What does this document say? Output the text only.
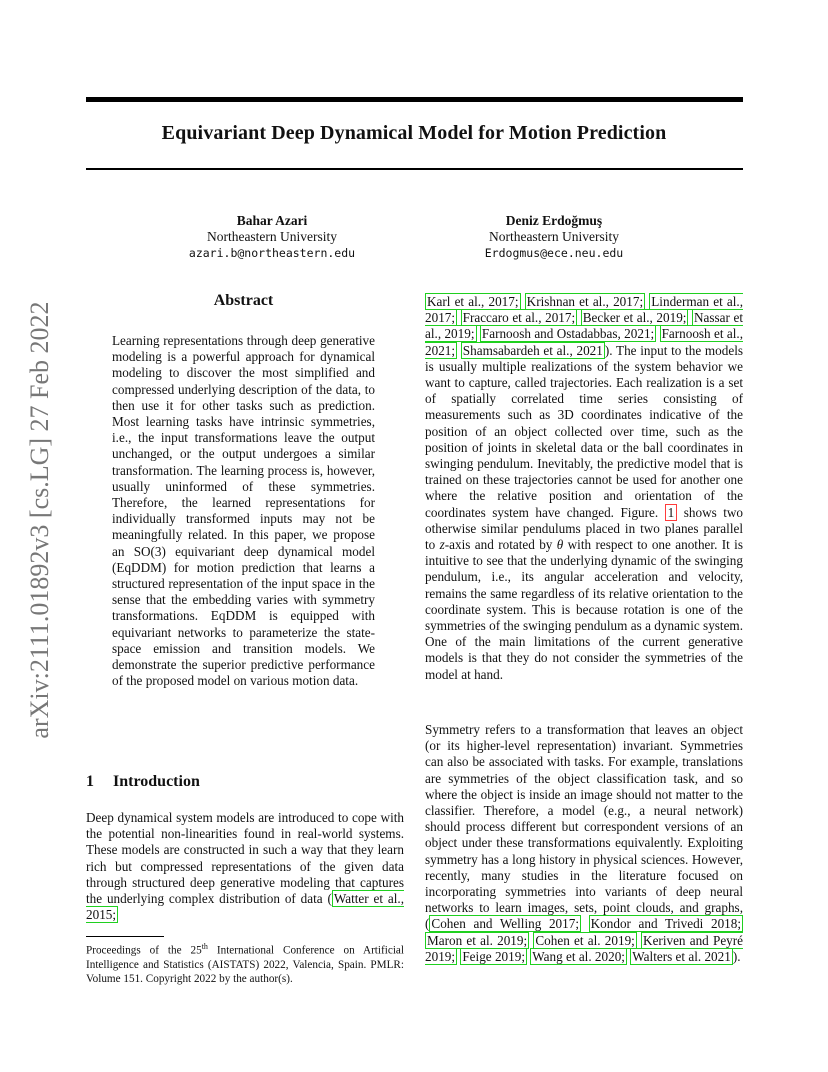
arXiv:2111.01892v3 [cs.LG] 27 Feb 2022
Equivariant Deep Dynamical Model for Motion Prediction
Bahar Azari
Northeastern University
azari.b@northeastern.edu
Deniz Erdoğmuş
Northeastern University
Erdogmus@ece.neu.edu
Abstract

Learning representations through deep generative modeling is a powerful approach for dynamical modeling to discover the most simplified and compressed underlying description of the data, to then use it for other tasks such as prediction. Most learning tasks have intrinsic symmetries, i.e., the input transformations leave the output unchanged, or the output undergoes a similar transformation. The learning process is, however, usually uninformed of these symmetries. Therefore, the learned representations for individually transformed inputs may not be meaningfully related. In this paper, we propose an SO(3) equivariant deep dynamical model (EqDDM) for motion prediction that learns a structured representation of the input space in the sense that the embedding varies with symmetry transformations. EqDDM is equipped with equivariant networks to parameterize the state-space emission and transition models. We demonstrate the superior predictive performance of the proposed model on various motion data.

1 Introduction

Deep dynamical system models are introduced to cope with the potential non-linearities found in real-world systems. These models are constructed in such a way that they learn rich but compressed representations of the given data through structured deep generative modeling that captures the underlying complex distribution of data ( Watter et al., 2015;

Proceedings of the 25th International Conference on Artificial Intelligence and Statistics (AISTATS) 2022, Valencia, Spain. PMLR: Volume 151. Copyright 2022 by the author(s).

Karl et al., 2017; Krishnan et al., 2017; Linderman et al., 2017; Fraccaro et al., 2017; Becker et al., 2019; Nassar et al., 2019; Farnoosh and Ostadabbas, 2021; Farnoosh et al., 2021; Shamsabardeh et al., 2021 ). The input to the models is usually multiple realizations of the system behavior we want to capture, called trajectories. Each realization is a set of spatially correlated time series consisting of measurements such as 3D coordinates indicative of the position of an object collected over time, such as the position of joints in skeletal data or the ball coordinates in swinging pendulum. Inevitably, the predictive model that is trained on these trajectories cannot be used for another one where the relative position and orientation of the coordinates system have changed. Figure. 1 shows two otherwise similar pendulums placed in two planes parallel to z-axis and rotated by θ with respect to one another. It is intuitive to see that the underlying dynamic of the swinging pendulum, i.e., its angular acceleration and velocity, remains the same regardless of its relative orientation to the coordinate system. This is because rotation is one of the symmetries of the swinging pendulum as a dynamic system. One of the main limitations of the current generative models is that they do not consider the symmetries of the model at hand.

Symmetry refers to a transformation that leaves an object (or its higher-level representation) invariant. Symmetries can also be associated with tasks. For example, translations are symmetries of the object classification task, and so where the object is inside an image should not matter to the classifier. Therefore, a model (e.g., a neural network) should process different but correspondent versions of an object under these transformations equivalently. Exploiting symmetry has a long history in physical sciences. However, recently, many studies in the literature focused on incorporating symmetries into variants of deep neural networks to learn images, sets, point clouds, and graphs, ( Cohen and Welling 2017; Kondor and Trivedi 2018; Maron et al. 2019; Cohen et al. 2019; Keriven and Peyré 2019; Feige 2019; Wang et al. 2020; Walters et al. 2021 ).
